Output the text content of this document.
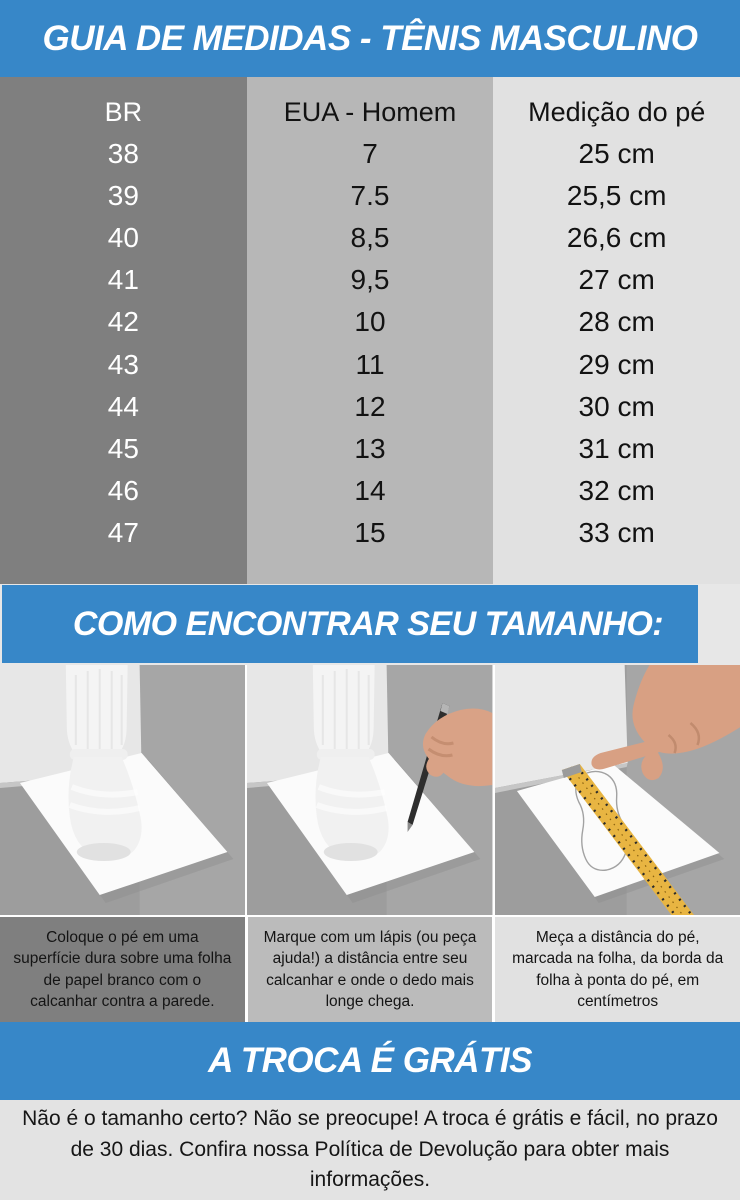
GUIA DE MEDIDAS - TÊNIS MASCULINO
BR
38
39
40
41
42
43
44
45
46
47
EUA - Homem
7
7.5
8,5
9,5
10
11
12
13
14
15
Medição do pé
25 cm
25,5 cm
26,6 cm
27 cm
28 cm
29 cm
30 cm
31 cm
32 cm
33 cm
COMO ENCONTRAR SEU TAMANHO:
Coloque o pé em uma superfície dura sobre uma folha de papel branco com o calcanhar contra a parede.
Marque com um lápis (ou peça ajuda!) a distância entre seu calcanhar e onde o dedo mais longe chega.
Meça a distância do pé, marcada na folha, da borda da folha à ponta do pé, em centímetros
A TROCA É GRÁTIS

Não é o tamanho certo? Não se preocupe! A troca é grátis e fácil, no prazo de 30 dias. Confira nossa Política de Devolução para obter mais informações.
